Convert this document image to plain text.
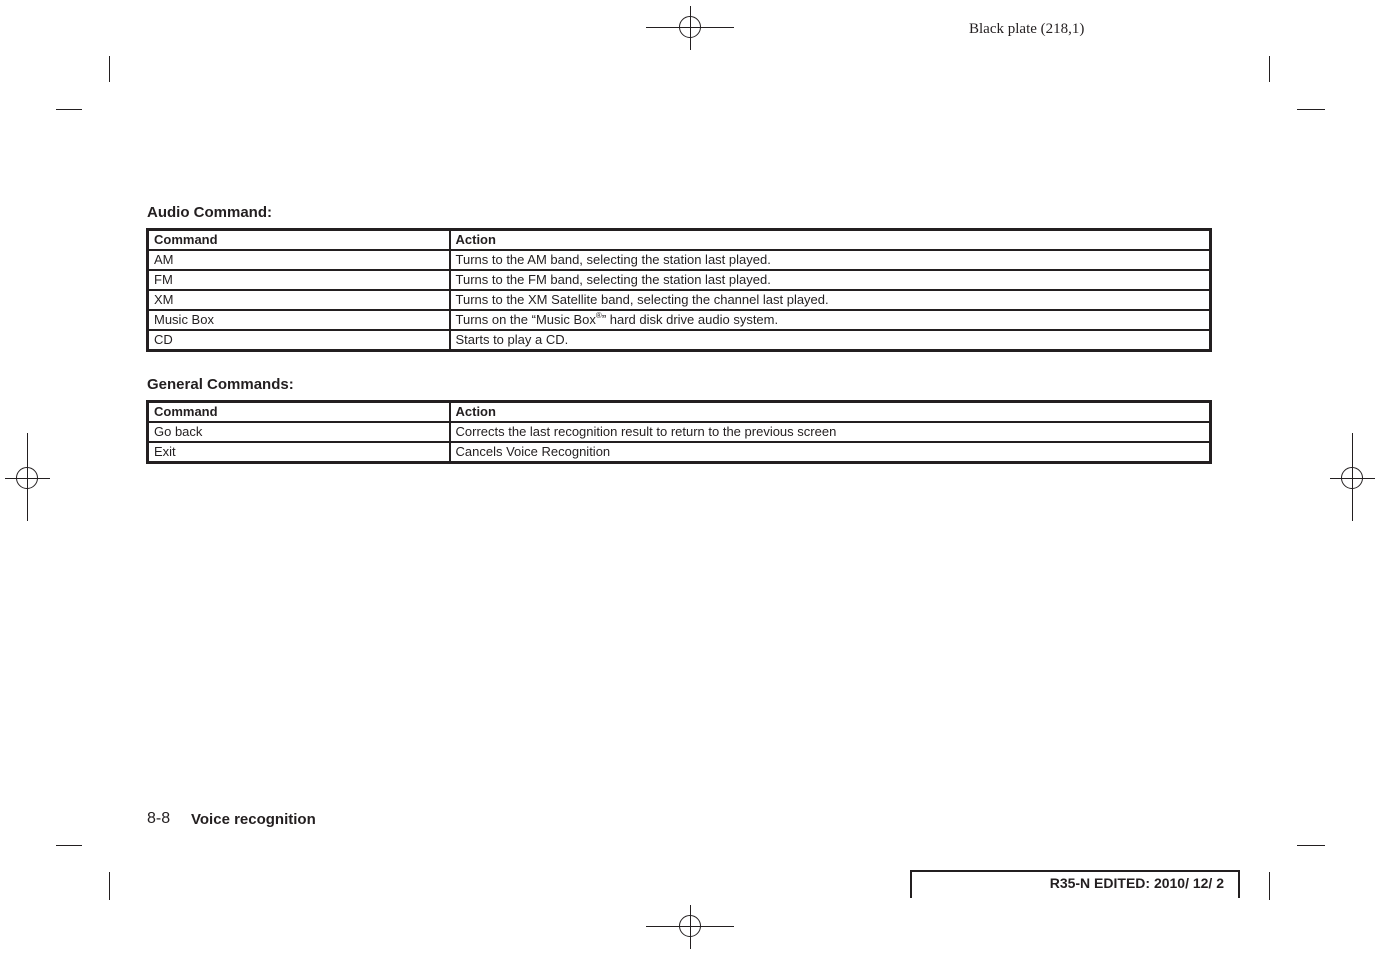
Black plate (218,1)
Audio Command:
Command	Action
AM	Turns to the AM band, selecting the station last played.
FM	Turns to the FM band, selecting the station last played.
XM	Turns to the XM Satellite band, selecting the channel last played.
Music Box	Turns on the “Music Box®” hard disk drive audio system.
CD	Starts to play a CD.
General Commands:
Command	Action
Go back	Corrects the last recognition result to return to the previous screen
Exit	Cancels Voice Recognition
8-8 Voice recognition
R35-N EDITED: 2010/ 12/ 2
